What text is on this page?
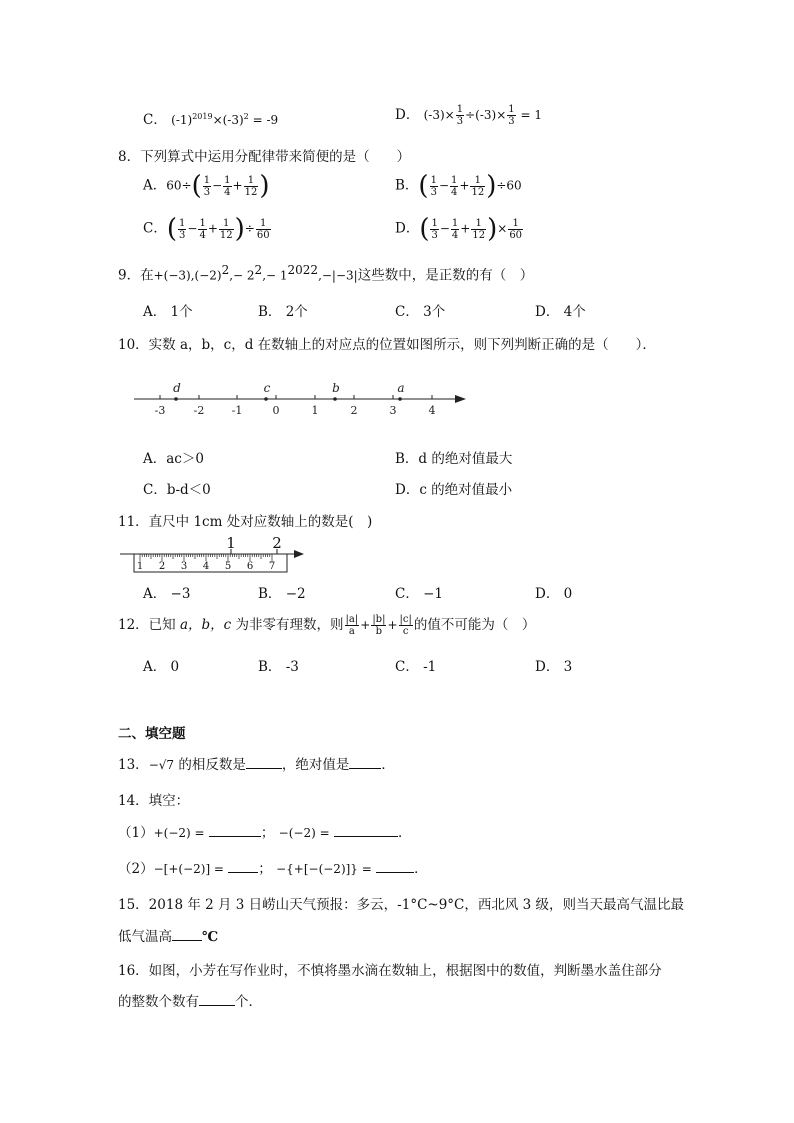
C． $(-1)^{2019}\times(-3)^2 = -9$	D． $(-3)\times \frac{1}{3} \div(-3)\times \frac{1}{3} = 1$
8．下列算式中运用分配律带来简便的是（　　）
A．$60\div( \frac{1}{3} - \frac{1}{4} + \frac{1}{12}$ )	B．( $\frac{1}{3} - \frac{1}{4} + \frac{1}{12} )\div 60$
C．( $\frac{1}{3} - \frac{1}{4} + \frac{1}{12}$ )÷ $\frac{1}{60}$	D．( $\frac{1}{3} - \frac{1}{4} + \frac{1}{12}$ )× $\frac{1}{60}$
9．在$+(-3),(-2)^2,- 2^2,- 1^{2022},-|-3|$这些数中，是正数的有（　）
A． 1个	B． 2个	C． 3个	D． 4个
10．实数 a，b，c，d 在数轴上的对应点的位置如图所示，则下列判断正确的是（　　）．
-3	-2 -1	0	1	2	3	4
d	c	b	a
A．ac＞0	B．d 的绝对值最大
C．b-d＜0	D．c 的绝对值最小
11．直尺中 1cm 处对应数轴上的数是(　)
1 2
1 2 3 4 5 6 7
A． −3	B． −2	C． −1	D． 0
12．已知 a，b，c 为非零有理数，则 $\frac{|a|}{a} + \frac{|b|}{b} + \frac{|c|}{c}$ 的值不可能为（　）
A． 0	B． -3	C． -1	D． 3
二、填空题
13．−√7 的相反数是	，绝对值是 ．
14．填空：
（1）+(−2) =	； −(−2) =	．
（2）−[+(−2)] =	； −{+[−(−2)]} =	．
15．2018 年 2 月 3 日崂山天气预报：多云，-1°C~9°C，西北风 3 级，则当天最高气温比最
低气温高 ℃
16．如图，小芳在写作业时，不慎将墨水滴在数轴上，根据图中的数值，判断墨水盖住部分
的整数个数有	个．
